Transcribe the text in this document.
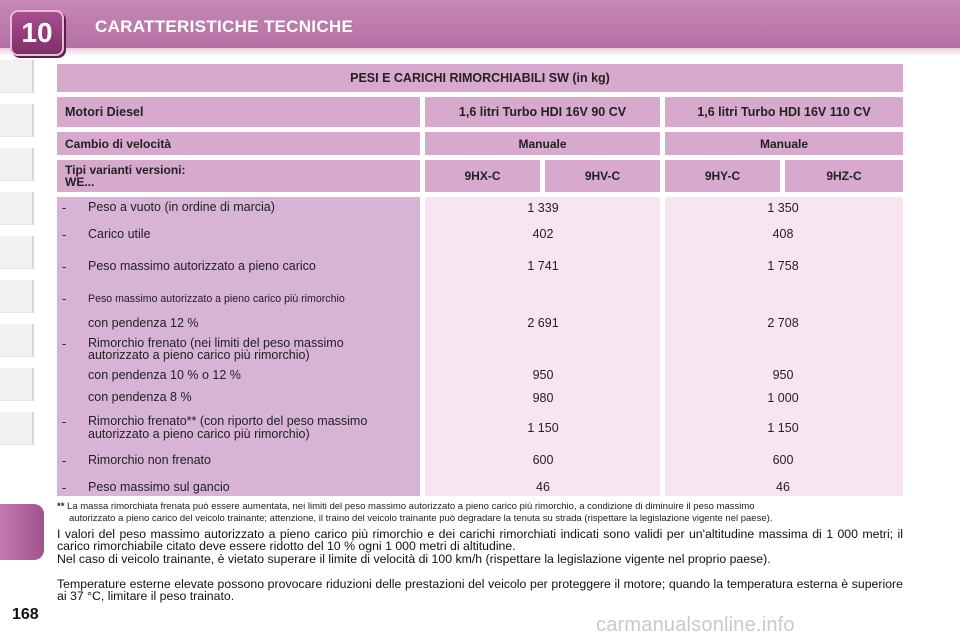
10	CARATTERISTICHE TECNICHE
PESI E CARICHI RIMORCHIABILI SW (in kg)
Motori Diesel	1,6 litri Turbo HDI 16V 90 CV	1,6 litri Turbo HDI 16V 110 CV
Cambio di velocità	Manuale	Manuale
Tipi varianti versioni:
WE...	9HX-C	9HV-C	9HY-C	9HZ-C
- Peso a vuoto (in ordine di marcia)	1 339	1 350
- Carico utile	402	408
- Peso massimo autorizzato a pieno carico	1 741	1 758
- Peso massimo autorizzato a pieno carico più rimorchio
con pendenza 12 %	2 691	2 708
- Rimorchio frenato (nei limiti del peso massimo
autorizzato a pieno carico più rimorchio)
con pendenza 10 % o 12 %	950	950
con pendenza 8 %	980	1 000
- Rimorchio frenato** (con riporto del peso massimo
autorizzato a pieno carico più rimorchio)	1 150	1 150
- Rimorchio non frenato	600	600
- Peso massimo sul gancio	46	46
** La massa rimorchiata frenata può essere aumentata, nei limiti del peso massimo autorizzato a pieno carico più rimorchio, a condizione di diminuire il peso massimo
autorizzato a pieno carico del veicolo trainante; attenzione, il traino del veicolo trainante può degradare la tenuta su strada (rispettare la legislazione vigente nel paese).
I valori del peso massimo autorizzato a pieno carico più rimorchio e dei carichi rimorchiati indicati sono validi per un'altitudine massima di 1 000 metri; il carico rimorchiabile citato deve essere ridotto del 10 % ogni 1 000 metri di altitudine.
Nel caso di veicolo trainante, è vietato superare il limite di velocità di 100 km/h (rispettare la legislazione vigente nel proprio paese).
Temperature esterne elevate possono provocare riduzioni delle prestazioni del veicolo per proteggere il motore; quando la temperatura esterna è superiore ai 37 °C, limitare il peso trainato.
168	carmanualsonline.info
